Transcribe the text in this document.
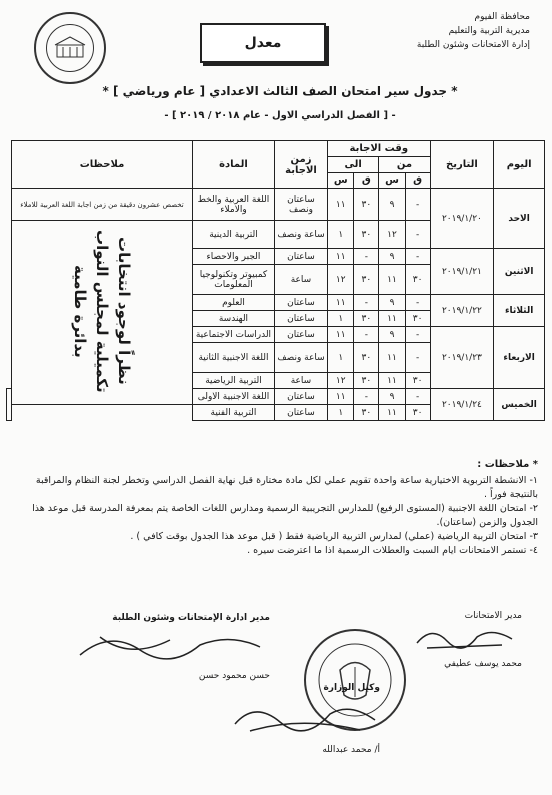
محافظة الفيوم
مديرية التربية والتعليم
إدارة الامتحانات وشئون الطلبة
معدل
* جدول سير امتحان الصف الثالث الاعدادي [ عام ورياضي ] *
- [ الفصل الدراسي الاول - عام ٢٠١٨ / ٢٠١٩ ] -
اليوم	التاريخ	وقت الاجابة				زمن الاجابة	المادة	ملاحظات	
		من		الى					
		ق	س	ق	س				
الاحد	٢٠١٩/١/٢٠	-	٩	٣٠	١١	ساعتان ونصف	اللغة العربية والخط والاملاء	تخصص عشرون دقيقة من زمن اجابة اللغة العربية للاملاء	
		-	١٢	٣٠	١	ساعة ونصف	التربية الدينية	نظراً لوجود انتخابات تكميلية لمجلس النواب بدائرة طامية	
الاثنين	٢٠١٩/١/٢١	-	٩	-	١١	ساعتان	الجبر والاحصاء		
		٣٠	١١	٣٠	١٢	ساعة	كمبيوتر وتكنولوجيا المعلومات		
الثلاثاء	٢٠١٩/١/٢٢	-	٩	-	١١	ساعتان	العلوم		
		٣٠	١١	٣٠	١	ساعتان	الهندسة		
الاربعاء	٢٠١٩/١/٢٣	-	٩	-	١١	ساعتان	الدراسات الاجتماعية		
		-	١١	٣٠	١	ساعة ونصف	اللغة الاجنبية الثانية		
		٣٠	١١	٣٠	١٢	ساعة	التربية الرياضية		
الخميس	٢٠١٩/١/٢٤	-	٩	-	١١	ساعتان	اللغة الاجنبية الاولى		
		٣٠	١١	٣٠	١	ساعتان	التربية الفنية		
* ملاحظات :
١- الانشطة التربوية الاختيارية ساعة واحدة تقويم عملي لكل مادة مختارة قبل نهاية الفصل الدراسي وتخطر لجنة النظام والمراقبة بالنتيجة فوراً .
٢- امتحان اللغة الاجنبية (المستوى الرفيع) للمدارس التجريبية الرسمية ومدارس اللغات الخاصة يتم بمعرفة المدرسة قبل موعد هذا الجدول والزمن (ساعتان).
٣- امتحان التربية الرياضية (عملي) لمدارس التربية الرياضية فقط ( قبل موعد هذا الجدول بوقت كافي ) .
٤- تستمر الامتحانات ايام السبت والعطلات الرسمية اذا ما اعترضت سيره .
مدير الامتحانات
محمد يوسف عطيفي
مدير ادارة الإمتحانات وشئون الطلبة
حسن محمود حسن
وكيل الوزارة
أ/ محمد عبدالله
